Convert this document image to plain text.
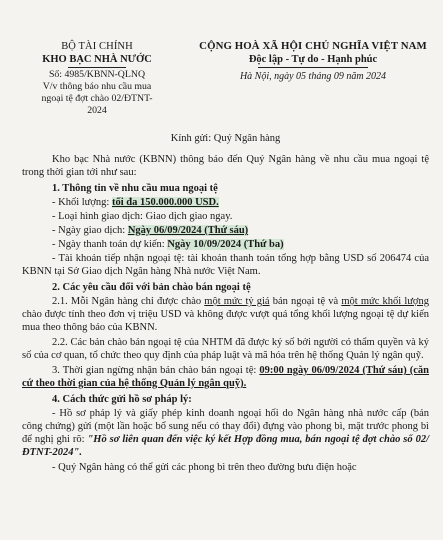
BỘ TÀI CHÍNH
KHO BẠC NHÀ NƯỚC
Số: 4985/KBNN-QLNQ
V/v thông báo nhu cầu mua
ngoại tệ đợt chào 02/ĐTNT-
2024
CỘNG HOÀ XÃ HỘI CHỦ NGHĨA VIỆT NAM
Độc lập - Tự do - Hạnh phúc
Hà Nội, ngày 05 tháng 09 năm 2024
Kính gửi: Quý Ngân hàng

Kho bạc Nhà nước (KBNN) thông báo đến Quý Ngân hàng về nhu cầu mua ngoại tệ trong thời gian tới như sau:

1. Thông tin về nhu cầu mua ngoại tệ
- Khối lượng: tối đa 150.000.000 USD.
- Loại hình giao dịch: Giao dịch giao ngay.
- Ngày giao dịch: Ngày 06/09/2024 (Thứ sáu)
- Ngày thanh toán dự kiến: Ngày 10/09/2024 (Thứ ba)

- Tài khoản tiếp nhận ngoại tệ: tài khoản thanh toán tổng hợp bằng USD số 206474 của KBNN tại Sở Giao dịch Ngân hàng Nhà nước Việt Nam.

2. Các yêu cầu đối với bản chào bán ngoại tệ

2.1. Mỗi Ngân hàng chỉ được chào một mức tỷ giá bán ngoại tệ và một mức khối lượng chào được tính theo đơn vị triệu USD và không được vượt quá tổng khối lượng ngoại tệ dự kiến mua theo thông báo của KBNN.

2.2. Các bản chào bán ngoại tệ của NHTM đã được ký số bởi người có thẩm quyền và ký số của cơ quan, tổ chức theo quy định của pháp luật và mã hóa trên hệ thống Quản lý ngân quỹ.

3. Thời gian ngừng nhận bản chào bán ngoại tệ: 09:00 ngày 06/09/2024 (Thứ sáu) (căn cứ theo thời gian của hệ thống Quản lý ngân quỹ).

4. Cách thức gửi hồ sơ pháp lý:

- Hồ sơ pháp lý và giấy phép kinh doanh ngoại hối do Ngân hàng nhà nước cấp (bản công chứng) gửi (một lần hoặc bổ sung nếu có thay đổi) đựng vào phong bì, mặt trước phong bì để nghị ghi rõ: "Hồ sơ liên quan đến việc ký kết Hợp đồng mua, bán ngoại tệ đợt chào số 02/ĐTNT-2024".

- Quý Ngân hàng có thể gửi các phong bì trên theo đường bưu điện hoặc
